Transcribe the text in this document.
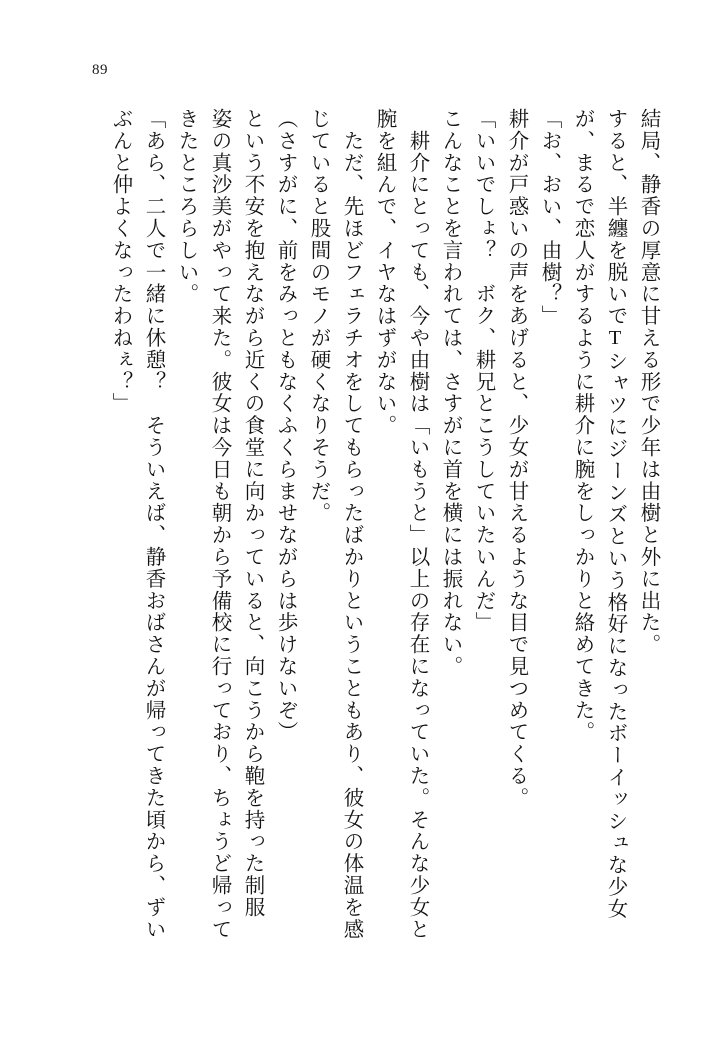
89
結局、静香の厚意に甘える形で少年は由樹と外に出た。
すると、半纏を脱いでTシャツにジーンズという格好になったボーイッシュな少女
が、まるで恋人がするように耕介に腕をしっかりと絡めてきた。
「お、おい、由樹？」
耕介が戸惑いの声をあげると、少女が甘えるような目で見つめてくる。
「いいでしょ？　ボク、耕兄とこうしていたいんだ」
こんなことを言われては、さすがに首を横には振れない。
　耕介にとっても、今や由樹は「いもうと」以上の存在になっていた。そんな少女と
腕を組んで、イヤなはずがない。
　ただ、先ほどフェラチオをしてもらったばかりということもあり、彼女の体温を感
じていると股間のモノが硬くなりそうだ。
（さすがに、前をみっともなくふくらませながらは歩けないぞ）
という不安を抱えながら近くの食堂に向かっていると、向こうから鞄を持った制服
姿の真沙美がやって来た。彼女は今日も朝から予備校に行っており、ちょうど帰って
きたところらしい。
「あら、二人で一緒に休憩？　そういえば、静香おばさんが帰ってきた頃から、ずい
ぶんと仲よくなったわねぇ？」
